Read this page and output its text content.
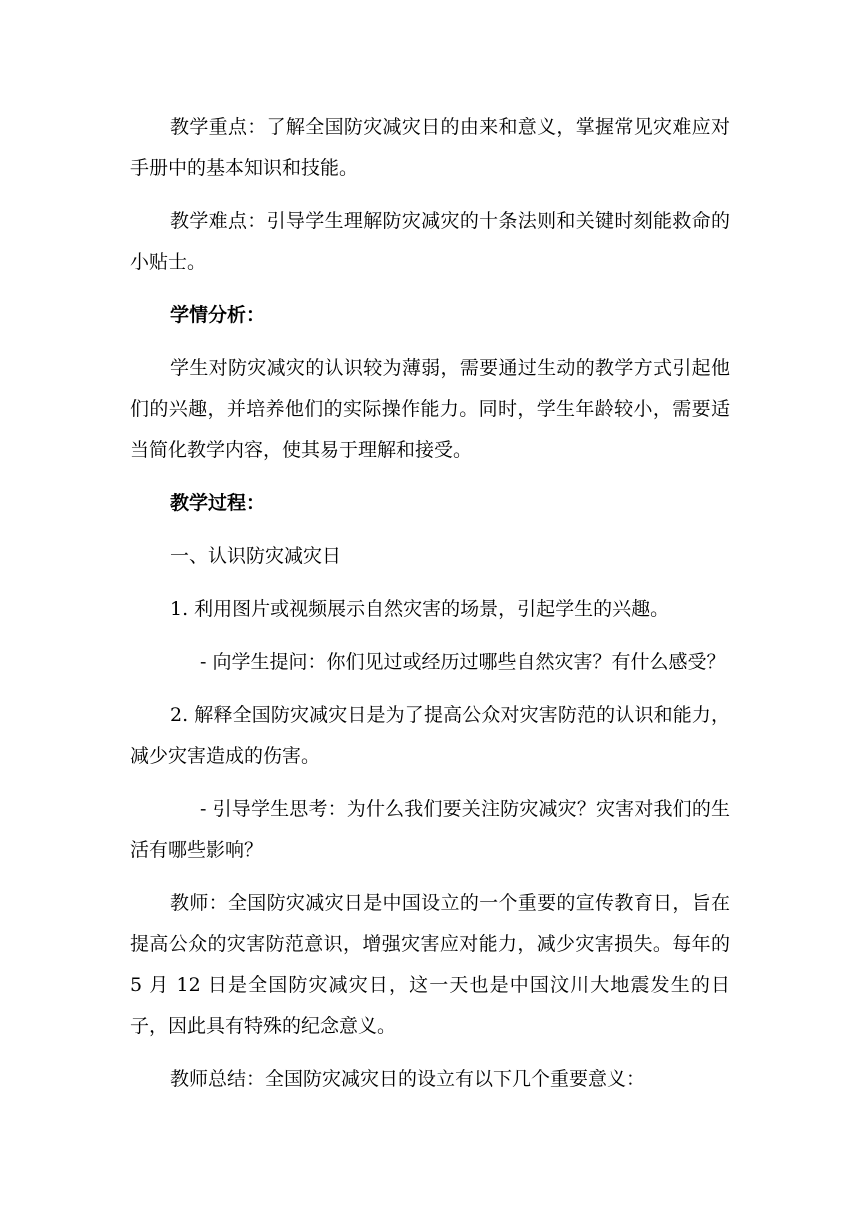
教学重点：了解全国防灾减灾日的由来和意义，掌握常见灾难应对手册中的基本知识和技能。

教学难点：引导学生理解防灾减灾的十条法则和关键时刻能救命的小贴士。

学情分析：

学生对防灾减灾的认识较为薄弱，需要通过生动的教学方式引起他们的兴趣，并培养他们的实际操作能力。同时，学生年龄较小，需要适当简化教学内容，使其易于理解和接受。

教学过程：

一、认识防灾减灾日

1. 利用图片或视频展示自然灾害的场景，引起学生的兴趣。

- 向学生提问：你们见过或经历过哪些自然灾害？有什么感受？

2. 解释全国防灾减灾日是为了提高公众对灾害防范的认识和能力，减少灾害造成的伤害。

- 引导学生思考：为什么我们要关注防灾减灾？灾害对我们的生活有哪些影响？

教师：全国防灾减灾日是中国设立的一个重要的宣传教育日，旨在提高公众的灾害防范意识，增强灾害应对能力，减少灾害损失。每年的 5 月 12 日是全国防灾减灾日，这一天也是中国汶川大地震发生的日子，因此具有特殊的纪念意义。

教师总结：全国防灾减灾日的设立有以下几个重要意义：
